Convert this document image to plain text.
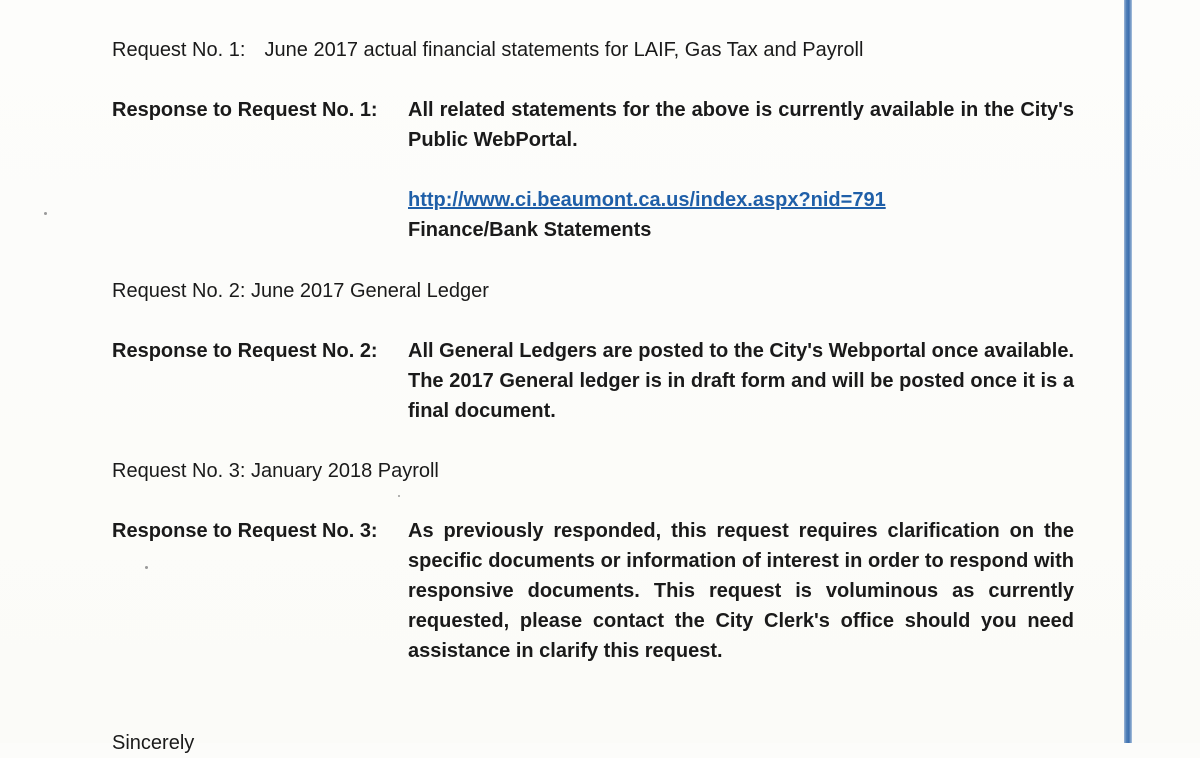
Request No. 1: June 2017 actual financial statements for LAIF, Gas Tax and Payroll
Response to Request No. 1: All related statements for the above is currently available in the City's Public WebPortal.
http://www.ci.beaumont.ca.us/index.aspx?nid=791
Finance/Bank Statements
Request No. 2: June 2017 General Ledger
Response to Request No. 2: All General Ledgers are posted to the City's Webportal once available. The 2017 General ledger is in draft form and will be posted once it is a final document.
Request No. 3: January 2018 Payroll
Response to Request No. 3: As previously responded, this request requires clarification on the specific documents or information of interest in order to respond with responsive documents. This request is voluminous as currently requested, please contact the City Clerk's office should you need assistance in clarify this request.
Sincerely
